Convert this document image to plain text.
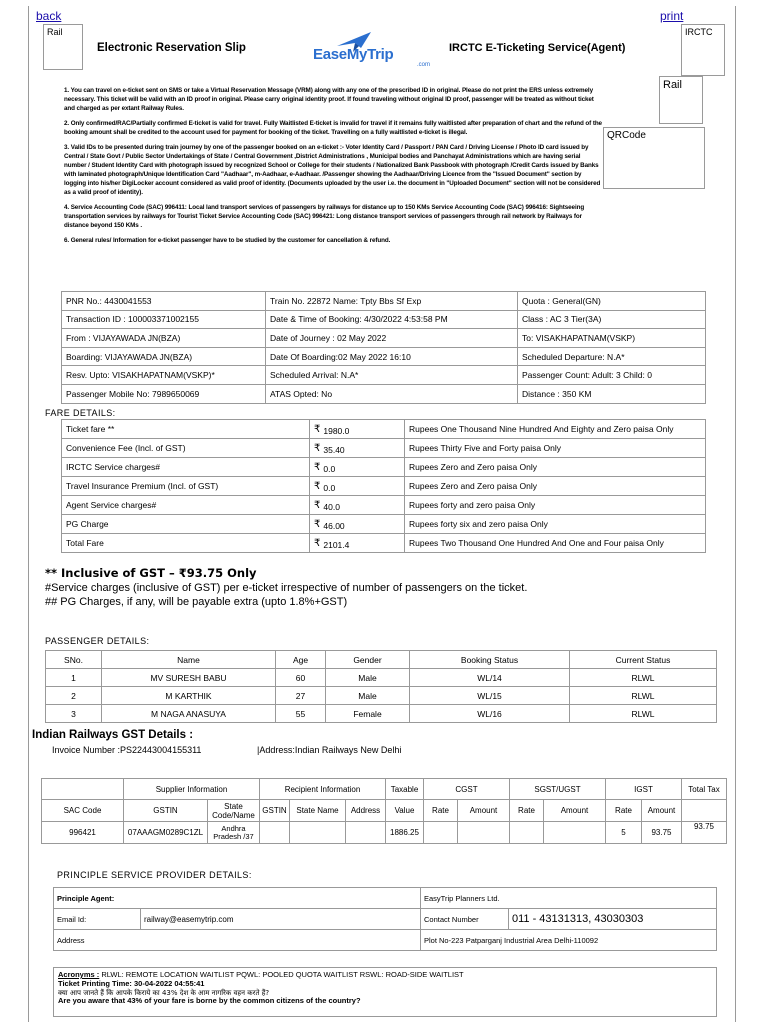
back	print
Rail
Electronic Reservation Slip	EaseMyTrip
.com
IRCTC E-Ticketing Service(Agent)
IRCTC
Rail
QRCode

1. You can travel on e-ticket sent on SMS or take a Virtual Reservation Message (VRM) along with any one of the prescribed ID in original. Please do not print the ERS unless extremely necessary. This ticket will be valid with an ID proof in original. Please carry original identity proof. If found traveling without original ID proof, passenger will be treated as without ticket and charged as per extant Railway Rules.

2. Only confirmed/RAC/Partially confirmed E-ticket is valid for travel. Fully Waitlisted E-ticket is invalid for travel if it remains fully waitlisted after preparation of chart and the refund of the booking amount shall be credited to the account used for payment for booking of the ticket. Travelling on a fully waitlisted e-ticket is illegal.

3. Valid IDs to be presented during train journey by one of the passenger booked on an e-ticket :- Voter Identity Card / Passport / PAN Card / Driving License / Photo ID card issued by Central / State Govt / Public Sector Undertakings of State / Central Government ,District Administrations , Municipal bodies and Panchayat Administrations which are having serial number / Student Identity Card with photograph issued by recognized School or College for their students / Nationalized Bank Passbook with photograph /Credit Cards issued by Banks with laminated photograph/Unique Identification Card "Aadhaar", m-Aadhaar, e-Aadhaar. /Passenger showing the Aadhaar/Driving Licence from the "Issued Document" section by logging into his/her DigiLocker account considered as valid proof of identity. (Documents uploaded by the user i.e. the document in "Uploaded Document" section will not be considered as a valid proof of identity).

4. Service Accounting Code (SAC) 996411: Local land transport services of passengers by railways for distance up to 150 KMs Service Accounting Code (SAC) 996416: Sightseeing transportation services by railways for Tourist Ticket Service Accounting Code (SAC) 996421: Long distance transport services of passengers through rail network by Railways for distance beyond 150 KMs .

6. General rules/ Information for e-ticket passenger have to be studied by the customer for cancellation & refund.

PNR No.: 4430041553	Train No. 22872 Name: Tpty Bbs Sf Exp	Quota : General(GN)
Transaction ID : 100003371002155	Date & Time of Booking: 4/30/2022 4:53:58 PM	Class : AC 3 Tier(3A)
From : VIJAYAWADA JN(BZA)	Date of Journey : 02 May 2022	To: VISAKHAPATNAM(VSKP)
Boarding: VIJAYAWADA JN(BZA)	Date Of Boarding:02 May 2022 16:10	Scheduled Departure: N.A*
Resv. Upto: VISAKHAPATNAM(VSKP)*	Scheduled Arrival: N.A*	Passenger Count: Adult: 3 Child: 0
Passenger Mobile No: 7989650069	ATAS Opted: No	Distance : 350 KM
FARE DETAILS:
Ticket fare **	₹ 1980.0	Rupees One Thousand Nine Hundred And Eighty and Zero paisa Only
Convenience Fee (Incl. of GST)	₹ 35.40	Rupees Thirty Five and Forty paisa Only
IRCTC Service charges#	₹ 0.0	Rupees Zero and Zero paisa Only
Travel Insurance Premium (Incl. of GST)	₹ 0.0	Rupees Zero and Zero paisa Only
Agent Service charges#	₹ 40.0	Rupees forty and zero paisa Only
PG Charge	₹ 46.00	Rupees forty six and zero paisa Only
Total Fare	₹ 2101.4	Rupees Two Thousand One Hundred And One and Four paisa Only
** Inclusive of GST – ₹93.75 Only
#Service charges (inclusive of GST) per e-ticket irrespective of number of passengers on the ticket.
## PG Charges, if any, will be payable extra (upto 1.8%+GST)
PASSENGER DETAILS:
SNo.	Name	Age	Gender	Booking Status	Current Status
1	MV SURESH BABU	60	Male	WL/14	RLWL
2	M KARTHIK	27	Male	WL/15	RLWL
3	M NAGA ANASUYA	55	Female	WL/16	RLWL
Indian Railways GST Details :
Invoice Number :PS22443004155311	|Address:Indian Railways New Delhi
	Supplier Information		Recipient Information			Taxable	CGST		SGST/UGST		IGST		Total Tax
SAC Code	GSTIN	State Code/Name	GSTIN	State Name	Address	Value	Rate	Amount	Rate	Amount	Rate	Amount	
996421	07AAAGM0289C1ZL	Andhra Pradesh /37				1886.25					5	93.75	93.75
PRINCIPLE SERVICE PROVIDER DETAILS:
Principle Agent:		EasyTrip Planners Ltd.	
Email Id:	railway@easemytrip.com	Contact Number	011 - 43131313, 43030303
Address		Plot No-223 Patparganj Industrial Area Delhi-110092	
Acronyms : RLWL: REMOTE LOCATION WAITLIST PQWL: POOLED QUOTA WAITLIST RSWL: ROAD-SIDE WAITLIST
Ticket Printing Time: 30-04-2022 04:55:41
क्या आप जानते हैं कि आपके किराये का 43% देश के आम नागरिक वहन करते हैं?
Are you aware that 43% of your fare is borne by the common citizens of the country?
